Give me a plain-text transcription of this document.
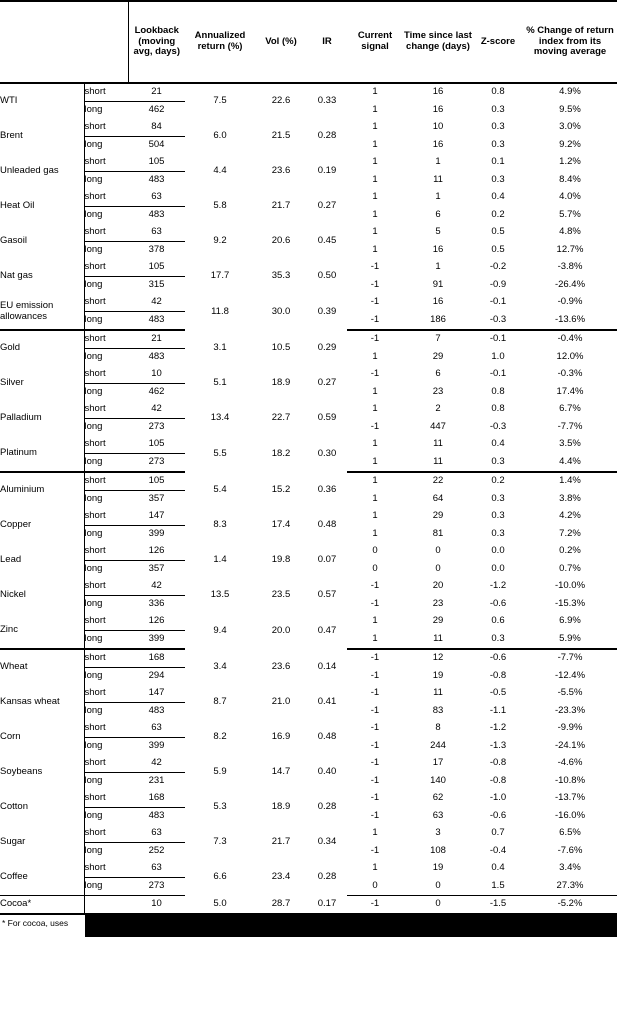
		Lookback (moving avg, days)	Annualized return (%)	Vol (%)	IR	Current signal	Time since last change (days)	Z-score	% Change of return index from its moving average
WTI	short	21	7.5	22.6	0.33	1	16	0.8	4.9%
	long	462				1	16	0.3	9.5%
Brent	short	84	6.0	21.5	0.28	1	10	0.3	3.0%
	long	504				1	16	0.3	9.2%
Unleaded gas	short	105	4.4	23.6	0.19	1	1	0.1	1.2%
	long	483				1	11	0.3	8.4%
Heat Oil	short	63	5.8	21.7	0.27	1	1	0.4	4.0%
	long	483				1	6	0.2	5.7%
Gasoil	short	63	9.2	20.6	0.45	1	5	0.5	4.8%
	long	378				1	16	0.5	12.7%
Nat gas	short	105	17.7	35.3	0.50	-1	1	-0.2	-3.8%
	long	315				-1	91	-0.9	-26.4%
EU emission allowances	short	42	11.8	30.0	0.39	-1	16	-0.1	-0.9%
	long	483				-1	186	-0.3	-13.6%
Gold	short	21	3.1	10.5	0.29	-1	7	-0.1	-0.4%
	long	483				1	29	1.0	12.0%
Silver	short	10	5.1	18.9	0.27	-1	6	-0.1	-0.3%
	long	462				1	23	0.8	17.4%
Palladium	short	42	13.4	22.7	0.59	1	2	0.8	6.7%
	long	273				-1	447	-0.3	-7.7%
Platinum	short	105	5.5	18.2	0.30	1	11	0.4	3.5%
	long	273				1	11	0.3	4.4%
Aluminium	short	105	5.4	15.2	0.36	1	22	0.2	1.4%
	long	357				1	64	0.3	3.8%
Copper	short	147	8.3	17.4	0.48	1	29	0.3	4.2%
	long	399				1	81	0.3	7.2%
Lead	short	126	1.4	19.8	0.07	0	0	0.0	0.2%
	long	357				0	0	0.0	0.7%
Nickel	short	42	13.5	23.5	0.57	-1	20	-1.2	-10.0%
	long	336				-1	23	-0.6	-15.3%
Zinc	short	126	9.4	20.0	0.47	1	29	0.6	6.9%
	long	399				1	11	0.3	5.9%
Wheat	short	168	3.4	23.6	0.14	-1	12	-0.6	-7.7%
	long	294				-1	19	-0.8	-12.4%
Kansas wheat	short	147	8.7	21.0	0.41	-1	11	-0.5	-5.5%
	long	483				-1	83	-1.1	-23.3%
Corn	short	63	8.2	16.9	0.48	-1	8	-1.2	-9.9%
	long	399				-1	244	-1.3	-24.1%
Soybeans	short	42	5.9	14.7	0.40	-1	17	-0.8	-4.6%
	long	231				-1	140	-0.8	-10.8%
Cotton	short	168	5.3	18.9	0.28	-1	62	-1.0	-13.7%
	long	483				-1	63	-0.6	-16.0%
Sugar	short	63	7.3	21.7	0.34	1	3	0.7	6.5%
	long	252				-1	108	-0.4	-7.6%
Coffee	short	63	6.6	23.4	0.28	1	19	0.4	3.4%
	long	273				0	0	1.5	27.3%
Cocoa*		10	5.0	28.7	0.17	-1	0	-1.5	-5.2%
* For cocoa, uses
